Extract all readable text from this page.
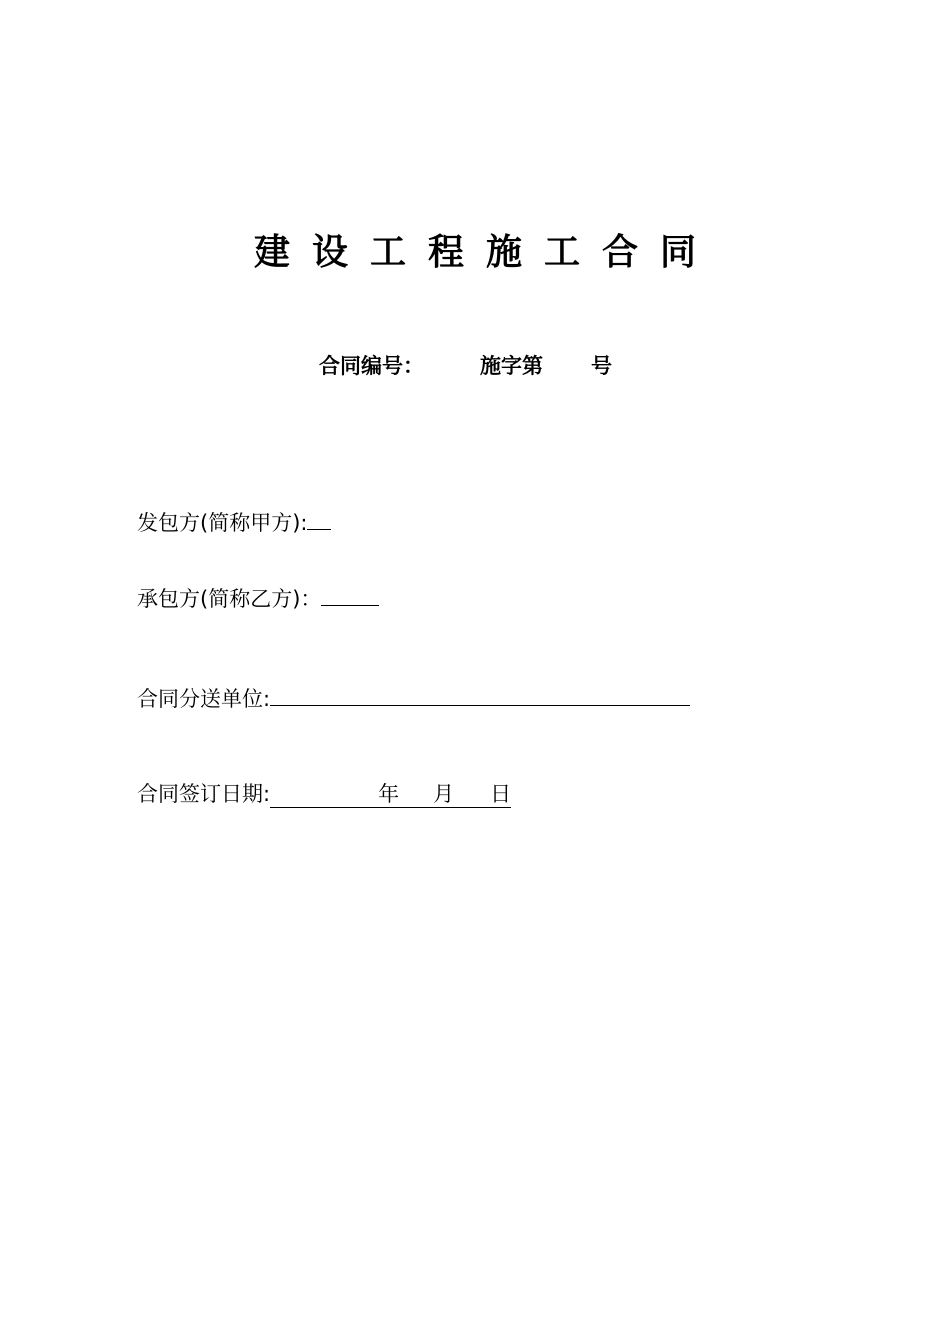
建设工程施工合同
合同编号：	施字第 号
发包方(简称甲方):
承包方(简称乙方)：
合同分送单位:
合同签订日期:	年 月 日
